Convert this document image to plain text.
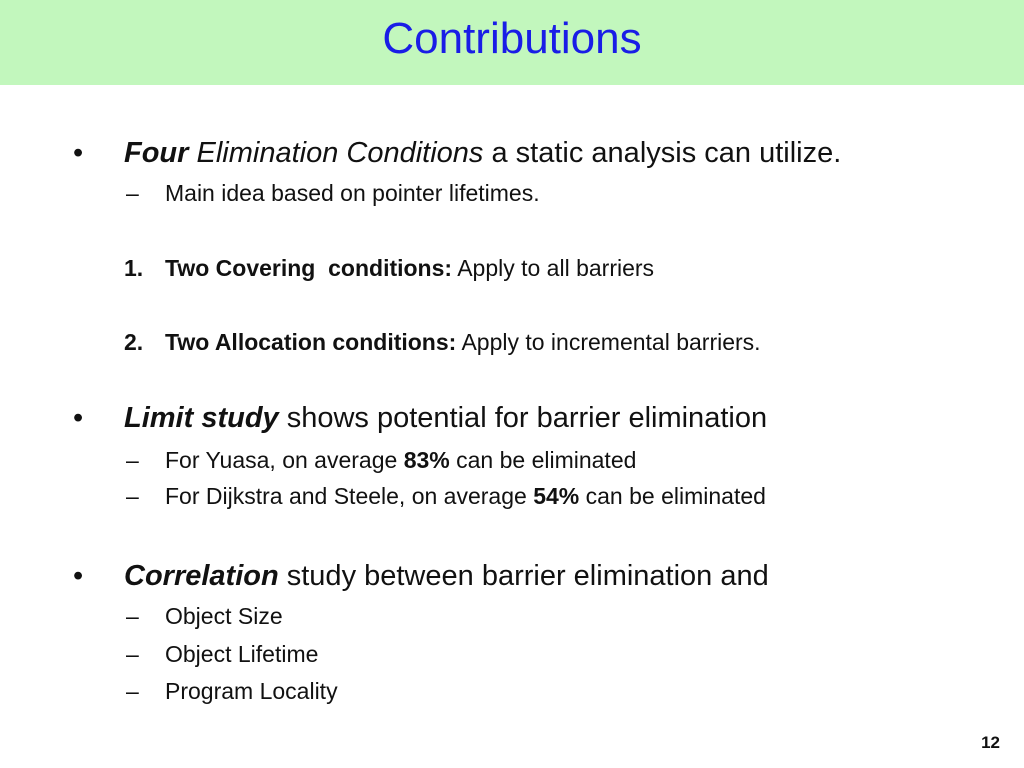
Contributions
• Four Elimination Conditions a static analysis can utilize.
– Main idea based on pointer lifetimes.
1. Two Covering  conditions: Apply to all barriers
2. Two Allocation conditions: Apply to incremental barriers.
• Limit study shows potential for barrier elimination
– For Yuasa, on average 83% can be eliminated
– For Dijkstra and Steele, on average 54% can be eliminated
• Correlation study between barrier elimination and
– Object Size
– Object Lifetime
– Program Locality
12
